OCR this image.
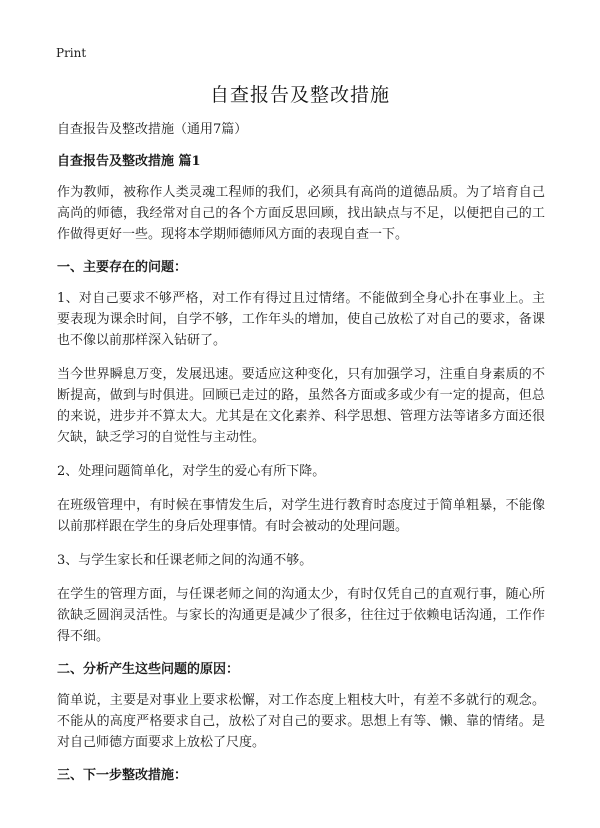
Print
自查报告及整改措施
自查报告及整改措施（通用7篇）
自查报告及整改措施 篇1

作为教师，被称作人类灵魂工程师的我们，必须具有高尚的道德品质。为了培育自己高尚的师德，我经常对自己的各个方面反思回顾，找出缺点与不足，以便把自己的工作做得更好一些。现将本学期师德师风方面的表现自查一下。

一、主要存在的问题：

1、对自己要求不够严格，对工作有得过且过情绪。不能做到全身心扑在事业上。主要表现为课余时间，自学不够，工作年头的增加，使自己放松了对自己的要求，备课也不像以前那样深入钻研了。

当今世界瞬息万变，发展迅速。要适应这种变化，只有加强学习，注重自身素质的不断提高，做到与时俱进。回顾已走过的路，虽然各方面或多或少有一定的提高，但总的来说，进步并不算太大。尤其是在文化素养、科学思想、管理方法等诸多方面还很欠缺，缺乏学习的自觉性与主动性。

2、处理问题简单化，对学生的爱心有所下降。

在班级管理中，有时候在事情发生后，对学生进行教育时态度过于简单粗暴，不能像以前那样跟在学生的身后处理事情。有时会被动的处理问题。

3、与学生家长和任课老师之间的沟通不够。

在学生的管理方面，与任课老师之间的沟通太少，有时仅凭自己的直观行事，随心所欲缺乏圆润灵活性。与家长的沟通更是减少了很多，往往过于依赖电话沟通，工作作得不细。

二、分析产生这些问题的原因：

简单说，主要是对事业上要求松懈，对工作态度上粗枝大叶，有差不多就行的观念。不能从的高度严格要求自己，放松了对自己的要求。思想上有等、懒、靠的情绪。是对自己师德方面要求上放松了尺度。

三、下一步整改措施：
